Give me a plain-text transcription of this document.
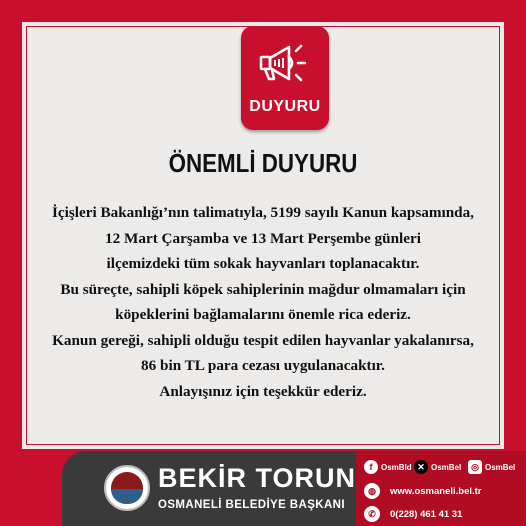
DUYURU
ÖNEMLİ DUYURU

İçişleri Bakanlığı’nın talimatıyla, 5199 sayılı Kanun kapsamında,
12 Mart Çarşamba ve 13 Mart Perşembe günleri
ilçemizdeki tüm sokak hayvanları toplanacaktır.
Bu süreçte, sahipli köpek sahiplerinin mağdur olmamaları için
köpeklerini bağlamalarını önemle rica ederiz.
Kanun gereği, sahipli olduğu tespit edilen hayvanlar yakalanırsa,
86 bin TL para cezası uygulanacaktır.
Anlayışınız için teşekkür ederiz.

BEKİR TORUN
OSMANELİ BELEDİYE BAŞKANI
f	OsmBld ✕ OsmBel	◎ OsmBel
◍	www.osmaneli.bel.tr
✆	0(228) 461 41 31
